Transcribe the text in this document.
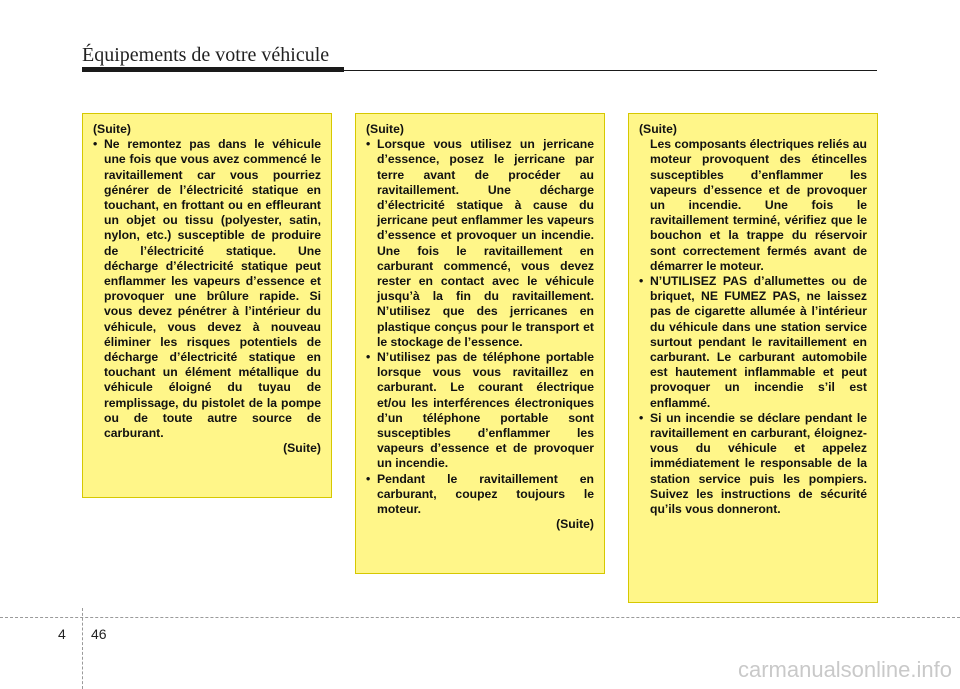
Équipements de votre véhicule
(Suite)
• Ne remontez pas dans le véhicule une fois que vous avez commencé le ravitaillement car vous pourriez générer de l’électricité statique en touchant, en frottant ou en effleurant un objet ou tissu (polyester, satin, nylon, etc.) susceptible de produire de l’électricité statique. Une décharge d’électricité statique peut enflammer les vapeurs d’essence et provoquer une brûlure rapide. Si vous devez pénétrer à l’intérieur du véhicule, vous devez à nouveau éliminer les risques potentiels de décharge d’électricité statique en touchant un élément métallique du véhicule éloigné du tuyau de remplissage, du pistolet de la pompe ou de toute autre source de carburant.
(Suite)
(Suite)
• Lorsque vous utilisez un jerricane d’essence, posez le jerricane par terre avant de procéder au ravitaillement. Une décharge d’électricité statique à cause du jerricane peut enflammer les vapeurs d’essence et provoquer un incendie. Une fois le ravitaillement en carburant commencé, vous devez rester en contact avec le véhicule jusqu’à la fin du ravitaillement. N’utilisez que des jerricanes en plastique conçus pour le transport et le stockage de l’essence.
• N’utilisez pas de téléphone portable lorsque vous vous ravitaillez en carburant. Le courant électrique et/ou les interférences électroniques d’un téléphone portable sont susceptibles d’enflammer les vapeurs d’essence et de provoquer un incendie.
• Pendant le ravitaillement en carburant, coupez toujours le moteur.
(Suite)
(Suite)
Les composants électriques reliés au moteur provoquent des étincelles susceptibles d’enflammer les vapeurs d’essence et de provoquer un incendie. Une fois le ravitaillement terminé, vérifiez que le bouchon et la trappe du réservoir sont correctement fermés avant de démarrer le moteur.
• N’UTILISEZ PAS d’allumettes ou de briquet, NE FUMEZ PAS, ne laissez pas de cigarette allumée à l’intérieur du véhicule dans une station service surtout pendant le ravitaillement en carburant. Le carburant automobile est hautement inflammable et peut provoquer un incendie s’il est enflammé.
• Si un incendie se déclare pendant le ravitaillement en carburant, éloignez-vous du véhicule et appelez immédiatement le responsable de la station service puis les pompiers. Suivez les instructions de sécurité qu’ils vous donneront.
4 46
carmanualsonline.info
